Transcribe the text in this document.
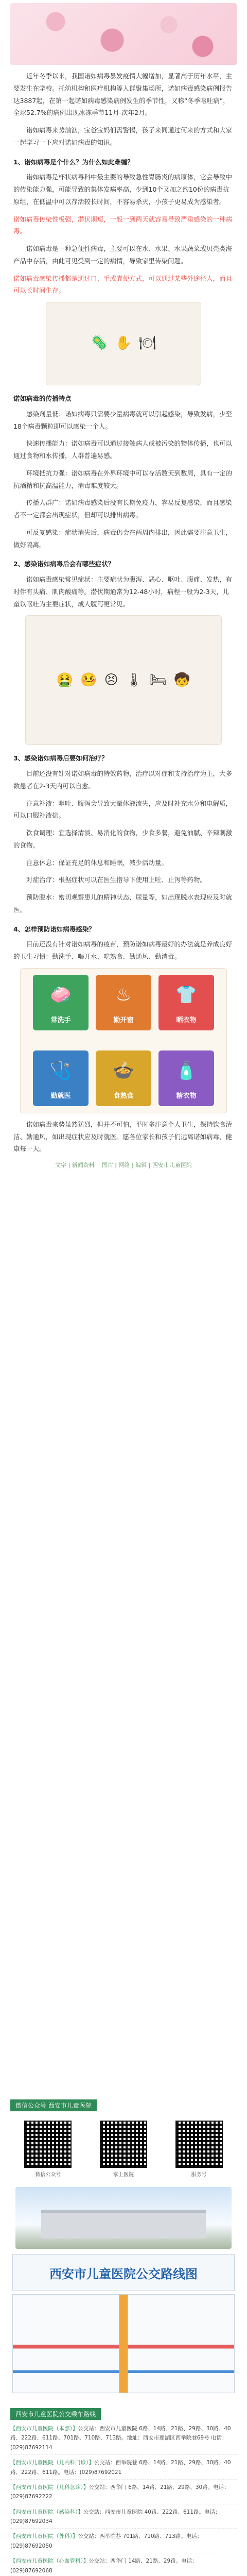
近年冬季以来，我国诺如病毒暴发疫情大幅增加，显著高于历年水平，主要发生在学校。托幼机构和医疗机构等人群聚集场所，诺如病毒感染病例报告达3887起，在第一起诺如病毒感染病例发生的季节性，又称“冬季呕吐病”，全球52.7%的病例出现冰冻季节11月-次年2月。

诺如病毒来势汹汹，宝爸宝妈们需警惕，孩子来同通过何来的方式和大家一起学习一下应对诺如病毒的知识。

1、诺如病毒是个什么？为什么如此难缠？

诺如病毒是杯状病毒科中最主要的导致急性胃肠炎的病原体，它会导致中的传染能力强，可能导致的集体发病率高，少到10个又加之约10份的病毒抗原组，在低温中可以存活较长时间，不容易杀灭，小孩子更易成为感染者。

诺如病毒传染性极强，潜伏期短，一般一到两天就容易导致严重感染的一种病毒。

诺如病毒是一种急便性病毒，主要可以在水、水果、水果蔬菜或贝壳类海产品中存活，由此可见受到一定的病情，导致家里传染问题。

诺如病毒感染传播都是通过口、手或粪便方式，可以通过某些外途径人，而且可以长时间生存。
🦠 ✋ 🍽
诺如病毒的传播特点

感染剂量低：诺如病毒只需要少量病毒就可以引起感染，导致发病，少至18个病毒颗粒即可以感染一个人。

快速传播能力：诺如病毒可以通过接触病人或被污染的物体传播，也可以通过食物和水传播，人群普遍易感。

环境抵抗力强：诺如病毒在外界环境中可以存活数天到数周，具有一定的抗酒精和抗高温能力，消毒难度较大。

传播人群广：诺如病毒感染后没有长期免疫力，容易反复感染，而且感染者不一定都会出现症状，但却可以排出病毒。

可反复感染：症状消失后，病毒仍会在两周内排出，因此需要注意卫生，做好隔离。

2、感染诺如病毒后会有哪些症状？

诺如病毒感染常见症状：主要症状为腹泻、恶心、呕吐、腹痛、发热，有时伴有头痛、肌肉酸痛等。潜伏期通常为12-48小时，病程一般为2-3天，儿童以呕吐为主要症状，成人腹泻更常见。

🤮 🤒 😣 🌡 🛏 🧒
3、感染诺如病毒后要如何治疗？

目前还没有针对诺如病毒的特效药物，治疗以对症和支持治疗为主，大多数患者在2-3天内可以自愈。

注意补液：呕吐、腹泻会导致大量体液流失，应及时补充水分和电解质，可以口服补液盐。

饮食调理：宜选择清淡、易消化的食物，少食多餐，避免油腻、辛辣刺激的食物。

注意休息：保证充足的休息和睡眠，减少活动量。

对症治疗：根据症状可以在医生指导下使用止吐、止泻等药物。

预防脱水：密切观察患儿的精神状态、尿量等，如出现脱水表现应及时就医。

4、怎样预防诺如病毒感染？

目前还没有针对诺如病毒的疫苗，预防诺如病毒最好的办法就是养成良好的卫生习惯：勤洗手、喝开水、吃熟食、勤通风、勤消毒。

🧼
常洗手
♨
勤开窗
👕
晒衣物
🩺
勤就医
🍲
食熟食
🧴
糖衣物

诺如病毒来势虽然猛烈，但并不可怕，平时多注意个人卫生，保持饮食清洁、勤通风，如出现症状应及时就医。愿各位家长和孩子们远离诺如病毒，健康每一天。

文字 | 新闻资料 图片 | 网络 | 编辑 | 西安市儿童医院
微信公众号 西安市儿童医院
微信公众号	掌上医院	服务号
西安市儿童医院公交路线图
西安市儿童医院公交乘车路线
【西安市儿童医院（本部）】公交站：西安市儿童医院 6路、14路、21路、29路、30路、40路、222路、611路、701路、710路、713路。地址：西安市莲湖区西举院巷69号 电话：(029)87692114
【西安市儿童医院（儿内科门诊）】公交站：西举院巷 6路、14路、21路、29路、30路、40路、222路、611路。电话：(029)87692021
【西安市儿童医院（儿科急诊）】公交站：西华门 6路、14路、21路、29路、30路。电话：(029)87692222
【西安市儿童医院（感染科）】公交站：西安市儿童医院 40路、222路、611路。电话：(029)87692034
【西安市儿童医院（外科）】公交站：西举院巷 701路、710路、713路。电话：(029)87692050
【西安市儿童医院（心血管科）】公交站：西华门 14路、21路、29路。电话：(029)87692068
